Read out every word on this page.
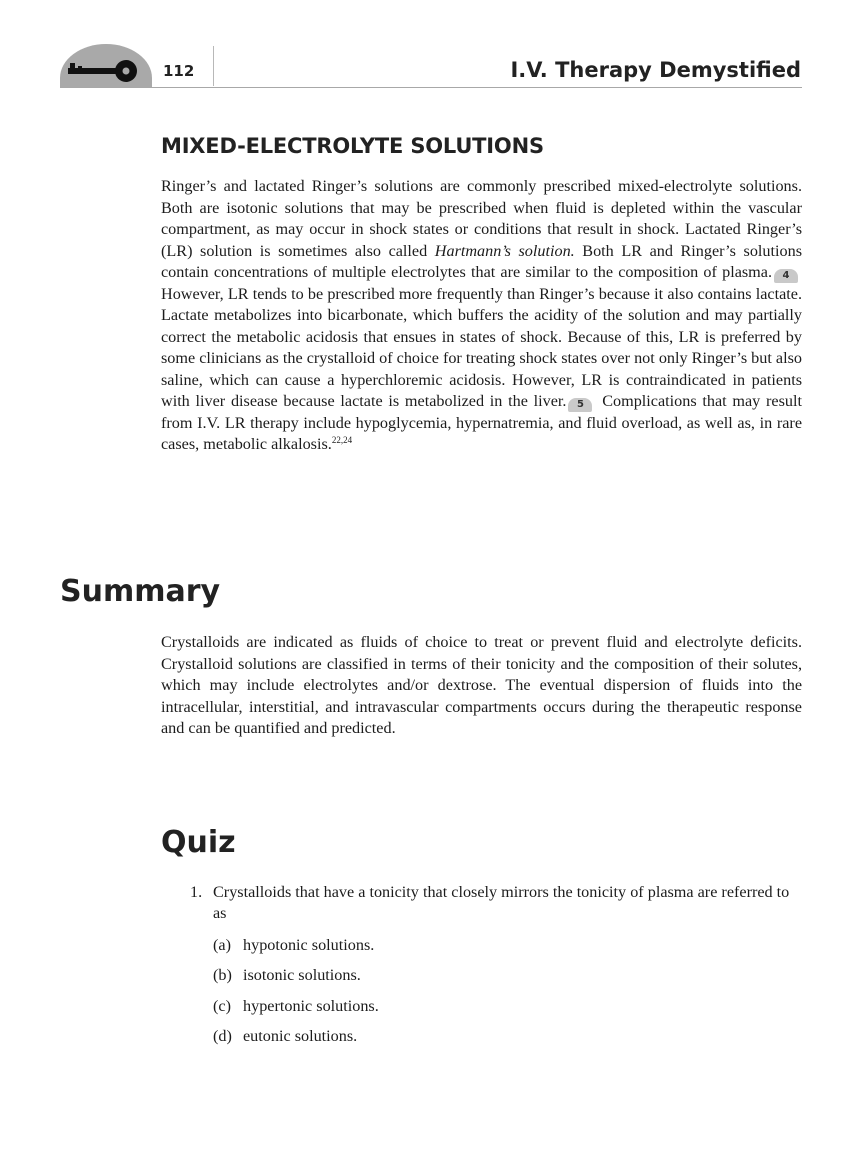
112	I.V. Therapy Demystified
MIXED-ELECTROLYTE SOLUTIONS

Ringer’s and lactated Ringer’s solutions are commonly prescribed mixed-electrolyte solutions. Both are isotonic solutions that may be prescribed when fluid is depleted within the vascular compartment, as may occur in shock states or conditions that result in shock. Lactated Ringer’s (LR) solution is sometimes also called Hartmann’s solution. Both LR and Ringer’s solutions contain concentrations of multiple electrolytes that are similar to the composition of plasma. 4 However, LR tends to be prescribed more frequently than Ringer’s because it also contains lactate. Lactate metabolizes into bicarbonate, which buffers the acidity of the solution and may partially correct the metabolic acidosis that ensues in states of shock. Because of this, LR is preferred by some clinicians as the crystalloid of choice for treating shock states over not only Ringer’s but also saline, which can cause a hyperchloremic acidosis. However, LR is contraindicated in patients with liver disease because lactate is metabolized in the liver. 5 Complications that may result from I.V. LR therapy include hypoglycemia, hypernatremia, and fluid overload, as well as, in rare cases, metabolic alkalosis.$^{22,24}$

Summary

Crystalloids are indicated as fluids of choice to treat or prevent fluid and electrolyte deficits. Crystalloid solutions are classified in terms of their tonicity and the composition of their solutes, which may include electrolytes and/or dextrose. The eventual dispersion of fluids into the intracellular, interstitial, and intravascular compartments occurs during the therapeutic response and can be quantified and predicted.

Quiz
1. Crystalloids that have a tonicity that closely mirrors the tonicity of plasma are referred to as
(a) hypotonic solutions.
(b) isotonic solutions.
(c) hypertonic solutions.
(d) eutonic solutions.
